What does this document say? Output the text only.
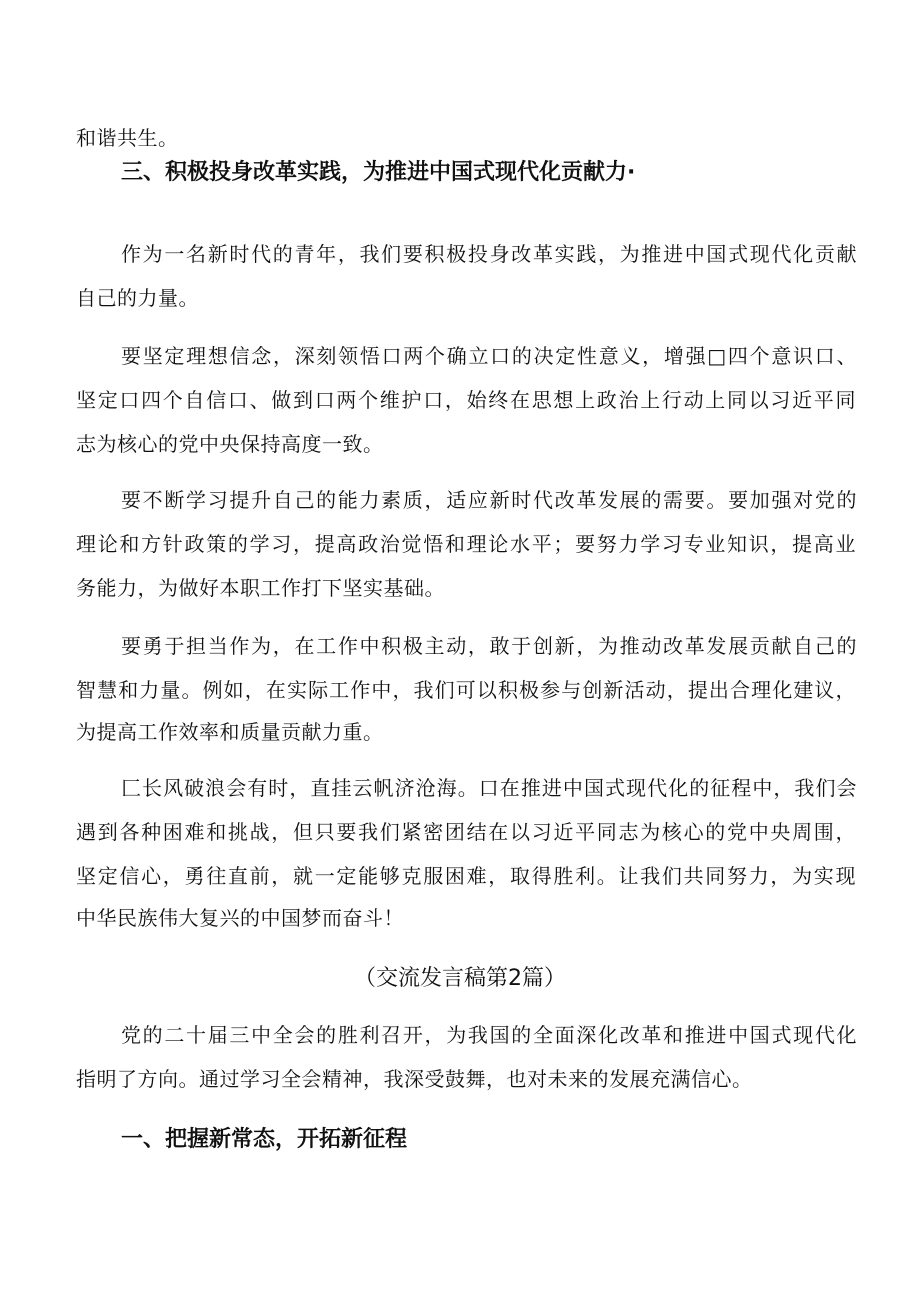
和谐共生。
三、积极投身改革实践，为推进中国式现代化贡献力·
作为一名新时代的青年，我们要积极投身改革实践，为推进中国式现代化贡献
自己的力量。
要坚定理想信念，深刻领悟口两个确立口的决定性意义，增强□四个意识口、
坚定口四个自信口、做到口两个维护口，始终在思想上政治上行动上同以习近平同
志为核心的党中央保持高度一致。
要不断学习提升自己的能力素质，适应新时代改革发展的需要。要加强对党的
理论和方针政策的学习，提高政治觉悟和理论水平；要努力学习专业知识，提高业
务能力，为做好本职工作打下坚实基础。
要勇于担当作为，在工作中积极主动，敢于创新，为推动改革发展贡献自己的
智慧和力量。例如，在实际工作中，我们可以积极参与创新活动，提出合理化建议，
为提高工作效率和质量贡献力重。
匚长风破浪会有时，直挂云帆济沧海。口在推进中国式现代化的征程中，我们会
遇到各种困难和挑战，但只要我们紧密团结在以习近平同志为核心的党中央周围，
坚定信心，勇往直前，就一定能够克服困难，取得胜利。让我们共同努力，为实现
中华民族伟大复兴的中国梦而奋斗！
（交流发言稿第2篇）
党的二十届三中全会的胜利召开，为我国的全面深化改革和推进中国式现代化
指明了方向。通过学习全会精神，我深受鼓舞，也对未来的发展充满信心。
一、把握新常态，开拓新征程
